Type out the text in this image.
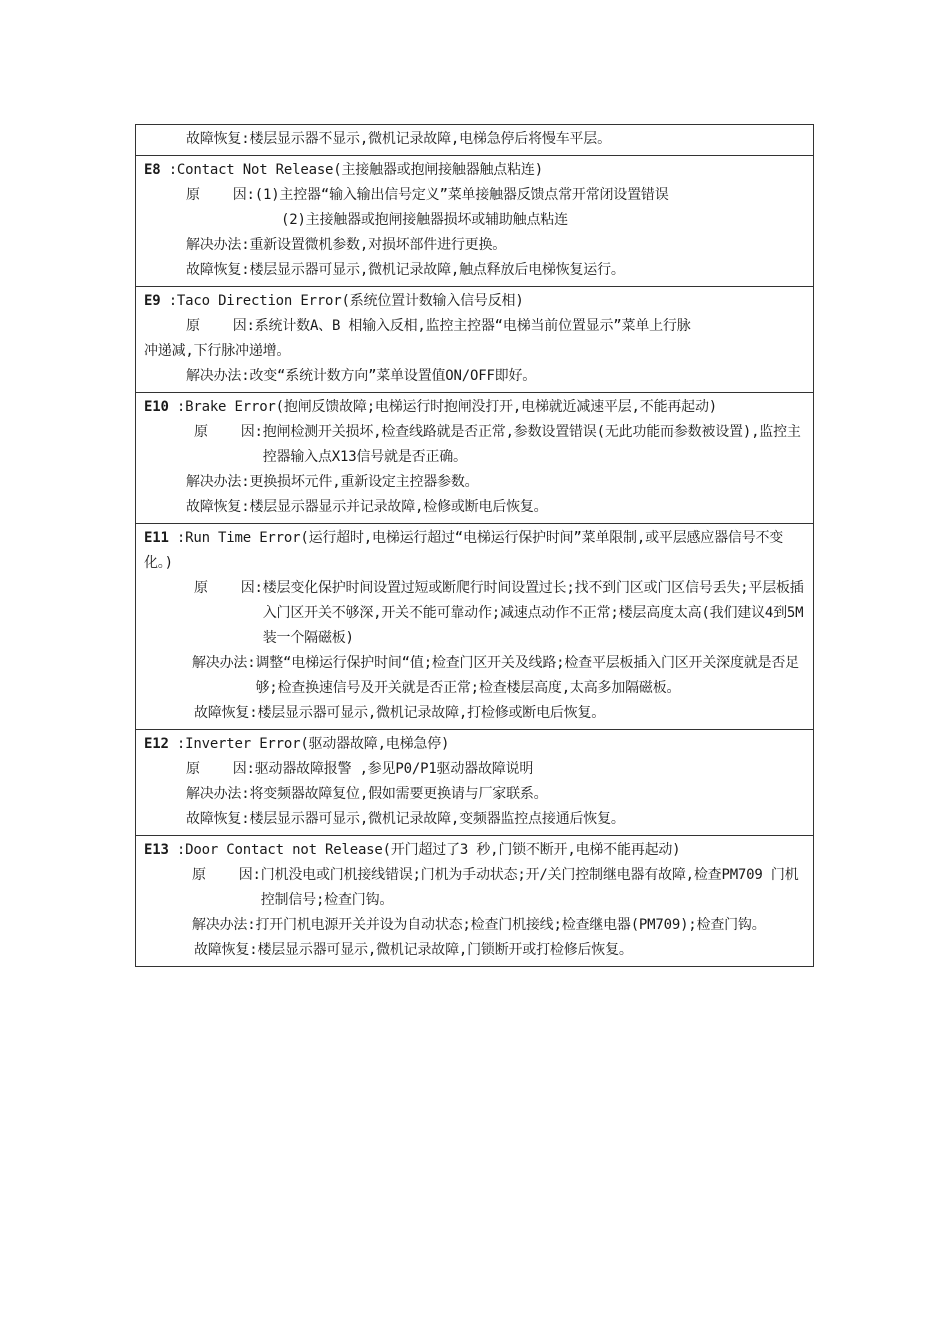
故障恢复:楼层显示器不显示,微机记录故障,电梯急停后将慢车平层。
E8 :Contact Not Release(主接触器或抱闸接触器触点粘连)
原    因:(1)主控器“输入输出信号定义”菜单接触器反馈点常开常闭设置错误
(2)主接触器或抱闸接触器损坏或辅助触点粘连
解决办法:重新设置微机参数,对损坏部件进行更换。
故障恢复:楼层显示器可显示,微机记录故障,触点释放后电梯恢复运行。
E9 :Taco Direction Error(系统位置计数输入信号反相)
原    因:系统计数A、B 相输入反相,监控主控器“电梯当前位置显示”菜单上行脉
冲递减,下行脉冲递增。
解决办法:改变“系统计数方向”菜单设置值ON/OFF即好。
E10 :Brake Error(抱闸反馈故障;电梯运行时抱闸没打开,电梯就近减速平层,不能再起动)
原    因: 抱闸检测开关损坏,检查线路就是否正常,参数设置错误(无此功能而参数被设置),监控主控器输入点X13信号就是否正确。
解决办法:更换损坏元件,重新设定主控器参数。
故障恢复:楼层显示器显示并记录故障,检修或断电后恢复。
E11 :Run Time Error(运行超时,电梯运行超过“电梯运行保护时间”菜单限制,或平层感应器信号不变化。)
原    因: 楼层变化保护时间设置过短或断爬行时间设置过长;找不到门区或门区信号丢失;平层板插入门区开关不够深,开关不能可靠动作;减速点动作不正常;楼层高度太高(我们建议4到5M装一个隔磁板)
解决办法: 调整“电梯运行保护时间“值;检查门区开关及线路;检查平层板插入门区开关深度就是否足够;检查换速信号及开关就是否正常;检查楼层高度,太高多加隔磁板。
故障恢复:楼层显示器可显示,微机记录故障,打检修或断电后恢复。
E12 :Inverter Error(驱动器故障,电梯急停)
原    因:驱动器故障报警 ,参见P0/P1驱动器故障说明
解决办法:将变频器故障复位,假如需要更换请与厂家联系。
故障恢复:楼层显示器可显示,微机记录故障,变频器监控点接通后恢复。
E13 :Door Contact not Release(开门超过了3 秒,门锁不断开,电梯不能再起动)
原    因: 门机没电或门机接线错误;门机为手动状态;开/关门控制继电器有故障,检查PM709 门机控制信号;检查门钩。
解决办法: 打开门机电源开关并设为自动状态;检查门机接线;检查继电器(PM709);检查门钩。
故障恢复:楼层显示器可显示,微机记录故障,门锁断开或打检修后恢复。
